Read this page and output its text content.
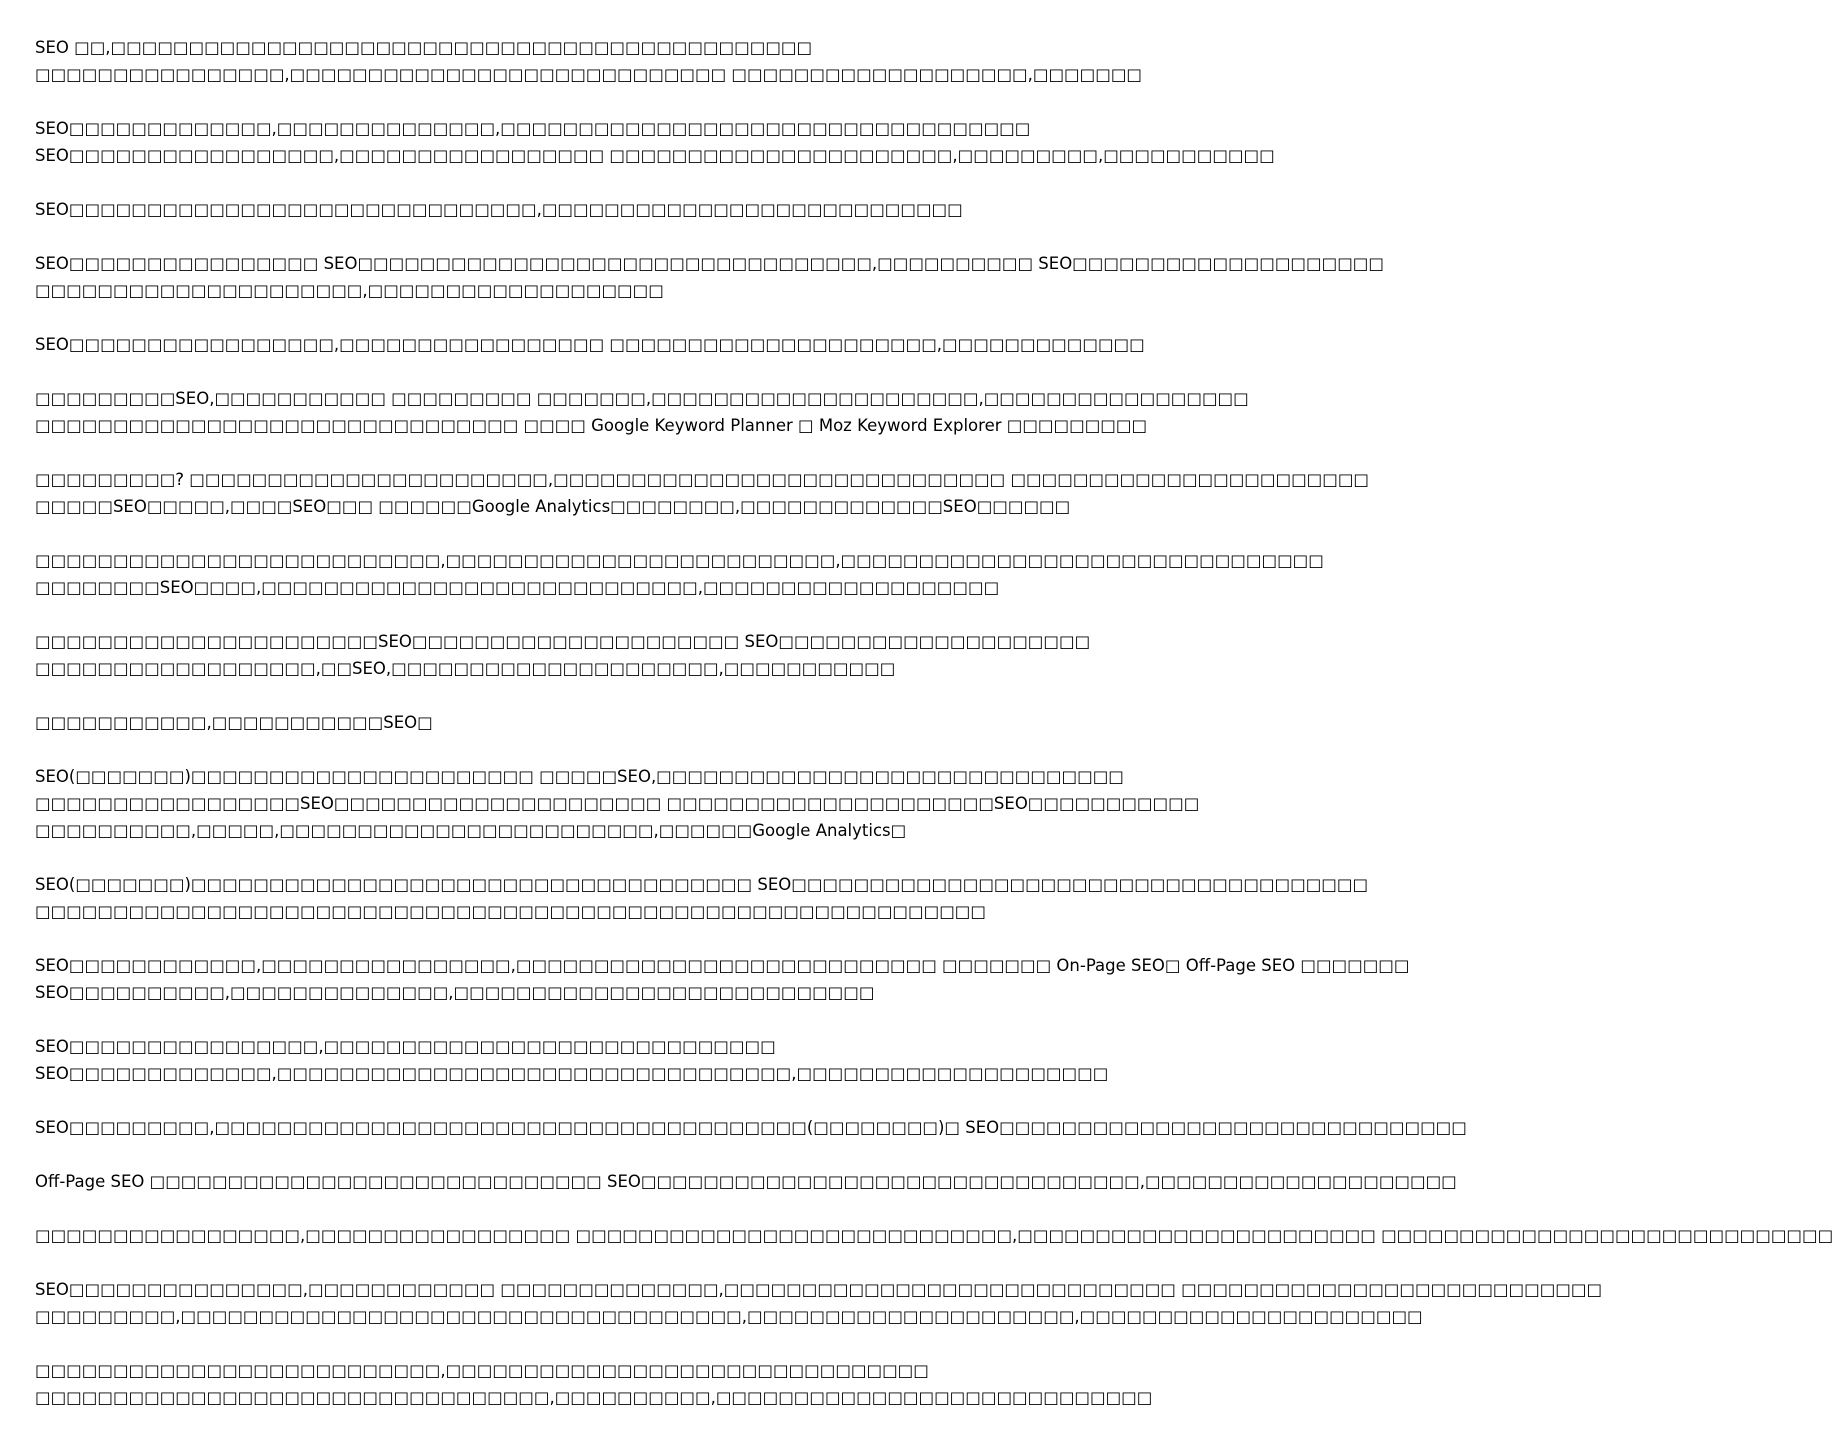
SEO □□,□□□□□□□□□□□□□□□□□□□□□□□□□□□□□□□□□□□□□□□□□□□□□
□□□□□□□□□□□□□□□□,□□□□□□□□□□□□□□□□□□□□□□□□□□□□ □□□□□□□□□□□□□□□□□□□,□□□□□□□

SEO□□□□□□□□□□□□□,□□□□□□□□□□□□□□,□□□□□□□□□□□□□□□□□□□□□□□□□□□□□□□□□□
SEO□□□□□□□□□□□□□□□□□,□□□□□□□□□□□□□□□□□ □□□□□□□□□□□□□□□□□□□□□□,□□□□□□□□□,□□□□□□□□□□□

SEO□□□□□□□□□□□□□□□□□□□□□□□□□□□□□□,□□□□□□□□□□□□□□□□□□□□□□□□□□□

SEO□□□□□□□□□□□□□□□□ SEO□□□□□□□□□□□□□□□□□□□□□□□□□□□□□□□□□,□□□□□□□□□□ SEO□□□□□□□□□□□□□□□□□□□□
□□□□□□□□□□□□□□□□□□□□□,□□□□□□□□□□□□□□□□□□□

SEO□□□□□□□□□□□□□□□□□,□□□□□□□□□□□□□□□□□ □□□□□□□□□□□□□□□□□□□□□,□□□□□□□□□□□□□

□□□□□□□□□SEO,□□□□□□□□□□□ □□□□□□□□□ □□□□□□□,□□□□□□□□□□□□□□□□□□□□□,□□□□□□□□□□□□□□□□□
□□□□□□□□□□□□□□□□□□□□□□□□□□□□□□□ □□□□ Google Keyword Planner □ Moz Keyword Explorer □□□□□□□□□

□□□□□□□□□? □□□□□□□□□□□□□□□□□□□□□□□,□□□□□□□□□□□□□□□□□□□□□□□□□□□□□ □□□□□□□□□□□□□□□□□□□□□□□
□□□□□SEO□□□□□,□□□□SEO□□□ □□□□□□Google Analytics□□□□□□□□,□□□□□□□□□□□□□SEO□□□□□□

□□□□□□□□□□□□□□□□□□□□□□□□□□,□□□□□□□□□□□□□□□□□□□□□□□□□,□□□□□□□□□□□□□□□□□□□□□□□□□□□□□□□
□□□□□□□□SEO□□□□,□□□□□□□□□□□□□□□□□□□□□□□□□□□□,□□□□□□□□□□□□□□□□□□□

□□□□□□□□□□□□□□□□□□□□□□SEO□□□□□□□□□□□□□□□□□□□□□ SEO□□□□□□□□□□□□□□□□□□□□
□□□□□□□□□□□□□□□□□□,□□SEO,□□□□□□□□□□□□□□□□□□□□□,□□□□□□□□□□□

□□□□□□□□□□□,□□□□□□□□□□□SEO□

SEO(□□□□□□□)□□□□□□□□□□□□□□□□□□□□□□ □□□□□SEO,□□□□□□□□□□□□□□□□□□□□□□□□□□□□□□
□□□□□□□□□□□□□□□□□SEO□□□□□□□□□□□□□□□□□□□□□ □□□□□□□□□□□□□□□□□□□□□SEO□□□□□□□□□□□
□□□□□□□□□□,□□□□□,□□□□□□□□□□□□□□□□□□□□□□□□,□□□□□□Google Analytics□

SEO(□□□□□□□)□□□□□□□□□□□□□□□□□□□□□□□□□□□□□□□□□□□□ SEO□□□□□□□□□□□□□□□□□□□□□□□□□□□□□□□□□□□□□
□□□□□□□□□□□□□□□□□□□□□□□□□□□□□□□□□□□□□□□□□□□□□□□□□□□□□□□□□□□□□

SEO□□□□□□□□□□□□,□□□□□□□□□□□□□□□□,□□□□□□□□□□□□□□□□□□□□□□□□□□□ □□□□□□□ On-Page SEO□ Off-Page SEO □□□□□□□
SEO□□□□□□□□□□,□□□□□□□□□□□□□□,□□□□□□□□□□□□□□□□□□□□□□□□□□□

SEO□□□□□□□□□□□□□□□□,□□□□□□□□□□□□□□□□□□□□□□□□□□□□□
SEO□□□□□□□□□□□□□,□□□□□□□□□□□□□□□□□□□□□□□□□□□□□□□□□,□□□□□□□□□□□□□□□□□□□□

SEO□□□□□□□□□,□□□□□□□□□□□□□□□□□□□□□□□□□□□□□□□□□□□□□□(□□□□□□□□)□ SEO□□□□□□□□□□□□□□□□□□□□□□□□□□□□□□

Off-Page SEO □□□□□□□□□□□□□□□□□□□□□□□□□□□□□ SEO□□□□□□□□□□□□□□□□□□□□□□□□□□□□□□□□,□□□□□□□□□□□□□□□□□□□□

□□□□□□□□□□□□□□□□□,□□□□□□□□□□□□□□□□□ □□□□□□□□□□□□□□□□□□□□□□□□□□□□,□□□□□□□□□□□□□□□□□□□□□□□ □□□□□□□□□□□□□□□□□□□□□□□□□□□□□

SEO□□□□□□□□□□□□□□□,□□□□□□□□□□□□ □□□□□□□□□□□□□□,□□□□□□□□□□□□□□□□□□□□□□□□□□□□□ □□□□□□□□□□□□□□□□□□□□□□□□□□□
□□□□□□□□□,□□□□□□□□□□□□□□□□□□□□□□□□□□□□□□□□□□□□,□□□□□□□□□□□□□□□□□□□□□,□□□□□□□□□□□□□□□□□□□□□□

□□□□□□□□□□□□□□□□□□□□□□□□□□,□□□□□□□□□□□□□□□□□□□□□□□□□□□□□□□
□□□□□□□□□□□□□□□□□□□□□□□□□□□□□□□□□,□□□□□□□□□□,□□□□□□□□□□□□□□□□□□□□□□□□□□□□
